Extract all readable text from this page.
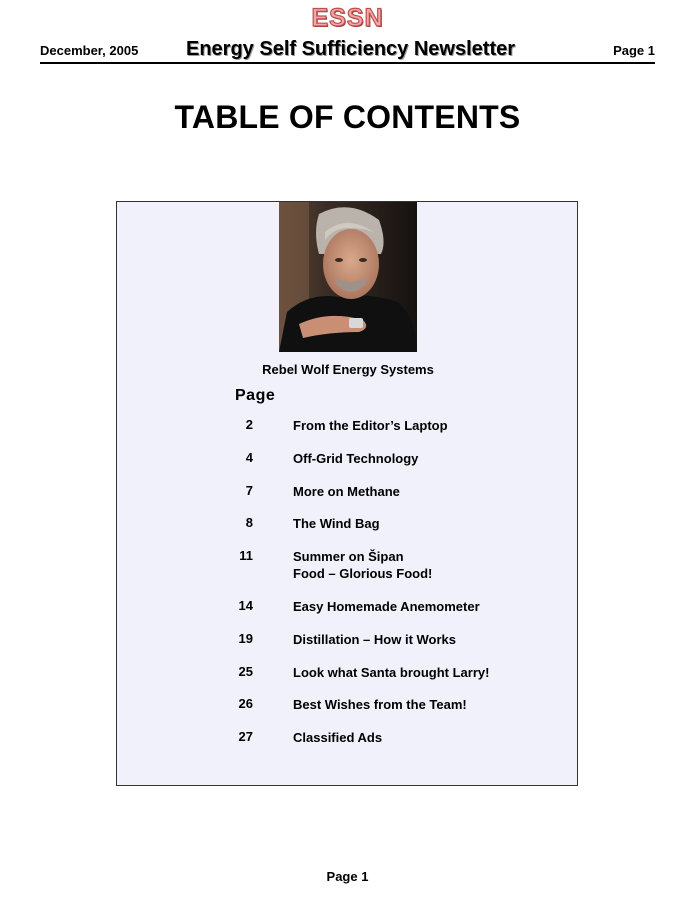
ESSN
December, 2005 Energy Self Sufficiency Newsletter	Page 1
TABLE OF CONTENTS
Rebel Wolf Energy Systems
Page
2	From the Editor’s Laptop
4	Off-Grid Technology
7	More on Methane
8	The Wind Bag
11	Summer on Šipan
Food – Glorious Food!
14	Easy Homemade Anemometer
19	Distillation – How it Works
25	Look what Santa brought Larry!
26	Best Wishes from the Team!
27	Classified Ads
Page 1
